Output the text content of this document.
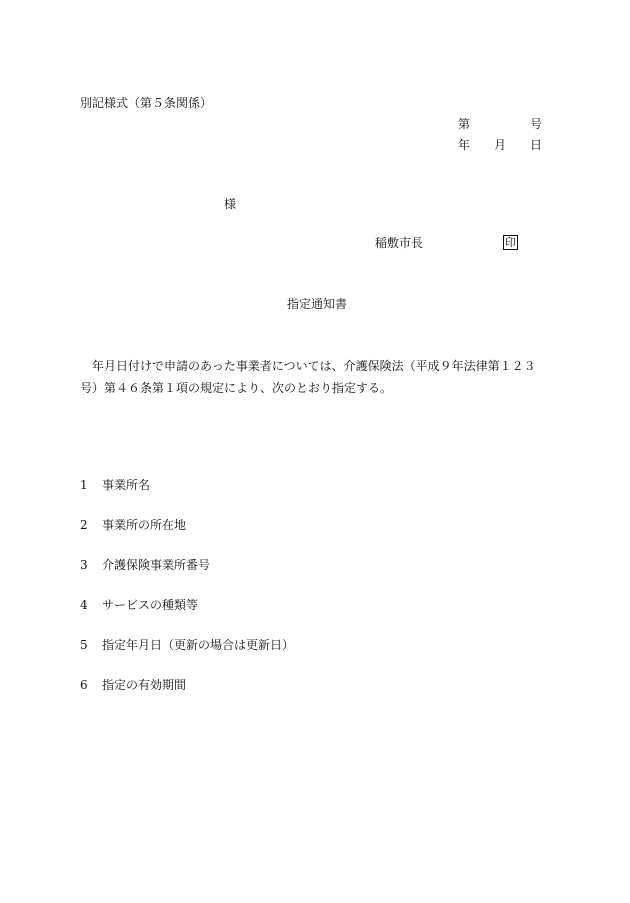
別記様式（第５条関係）
第	号
年 月 日
様
稲敷市長	印
指定通知書
年月日付けで申請のあった事業者については、介護保険法（平成９年法律第１２３号）第４６条第１項の規定により、次のとおり指定する。
1	事業所名
2	事業所の所在地
3	介護保険事業所番号
4	サービスの種類等
5	指定年月日（更新の場合は更新日）
6	指定の有効期間
